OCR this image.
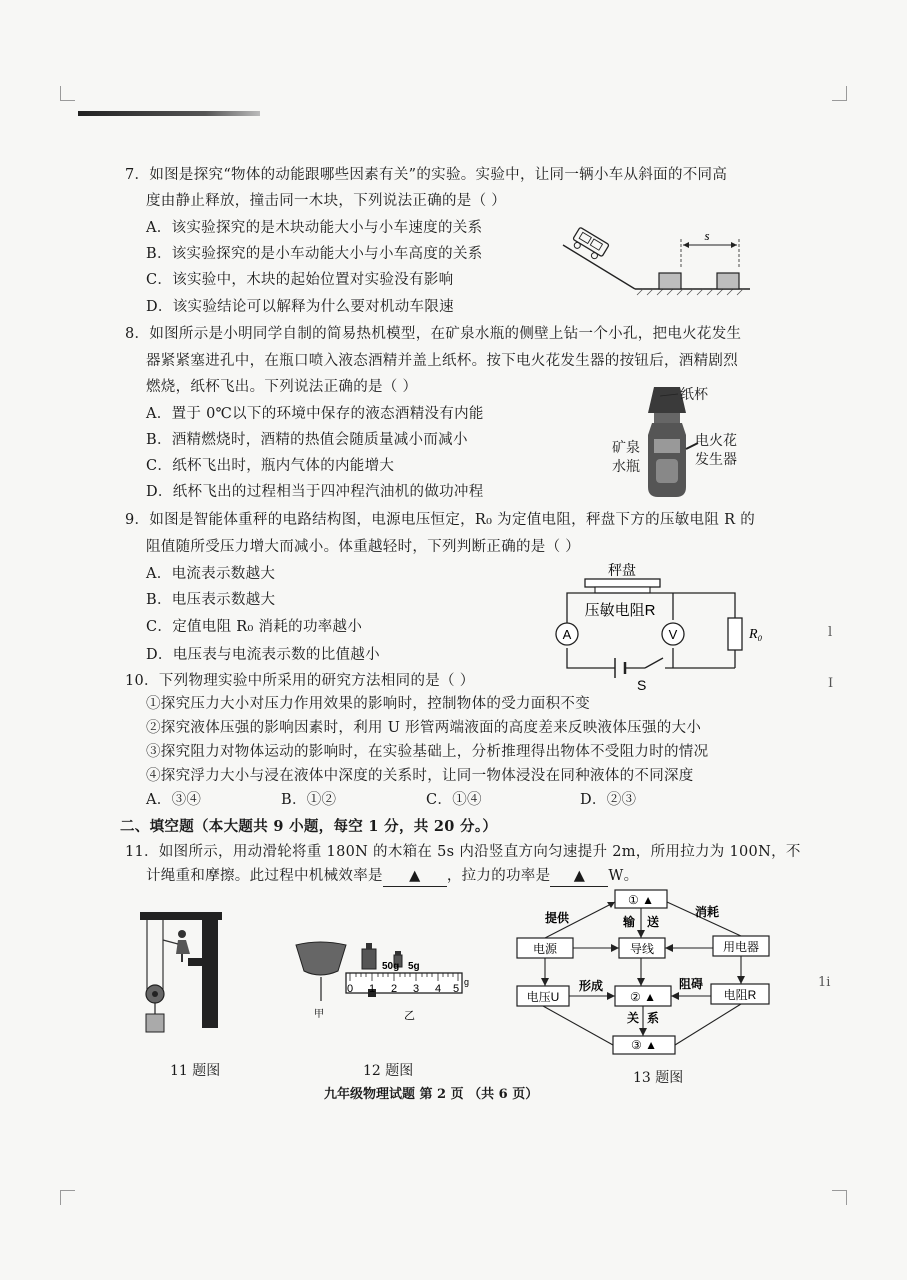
7．如图是探究“物体的动能跟哪些因素有关”的实验。实验中，让同一辆小车从斜面的不同高
度由静止释放，撞击同一木块，下列说法正确的是（ ）
A．该实验探究的是木块动能大小与小车速度的关系
B．该实验探究的是小车动能大小与小车高度的关系
C．该实验中，木块的起始位置对实验没有影响
D．该实验结论可以解释为什么要对机动车限速
s
8．如图所示是小明同学自制的简易热机模型，在矿泉水瓶的侧壁上钻一个小孔，把电火花发生
器紧紧塞进孔中，在瓶口喷入液态酒精并盖上纸杯。按下电火花发生器的按钮后，酒精剧烈
燃烧，纸杯飞出。下列说法正确的是（ ）
A．置于 0℃以下的环境中保存的液态酒精没有内能
B．酒精燃烧时，酒精的热值会随质量减小而减小
C．纸杯飞出时，瓶内气体的内能增大
D．纸杯飞出的过程相当于四冲程汽油机的做功冲程
纸杯
矿泉
水瓶
电火花
发生器
9．如图是智能体重秤的电路结构图，电源电压恒定，R₀ 为定值电阻，秤盘下方的压敏电阻 R 的
阻值随所受压力增大而减小。体重越轻时，下列判断正确的是（ ）
A．电流表示数越大
B．电压表示数越大
C．定值电阻 R₀ 消耗的功率越小
D．电压表与电流表示数的比值越小
秤盘
压敏电阻R
A	V	R₀
S
10．下列物理实验中所采用的研究方法相同的是（ ）
①探究压力大小对压力作用效果的影响时，控制物体的受力面积不变
②探究液体压强的影响因素时，利用 U 形管两端液面的高度差来反映液体压强的大小
③探究阻力对物体运动的影响时，在实验基础上，分析推理得出物体不受阻力时的情况
④探究浮力大小与浸在液体中深度的关系时，让同一物体浸没在同种液体的不同深度
A．③④	B．①②	C．①④	D．②③
二、填空题（本大题共 9 小题，每空 1 分，共 20 分。）
11．如图所示，用动滑轮将重 180N 的木箱在 5s 内沿竖直方向匀速提升 2m，所用拉力为 100N，不
计绳重和摩擦。此过程中机械效率是 ▲ ，拉力的功率是 ▲ W。
11 题图
50g 5g
0 1 2 3 4 5
g
甲	乙
12 题图
① ▲
提供	输 送
消耗
电源	导线	用电器
电压U
形成
② ▲
阻碍
电阻R
关 系
③ ▲
13 题图
九年级物理试题 第 2 页 （共 6 页）
l
I
1i
